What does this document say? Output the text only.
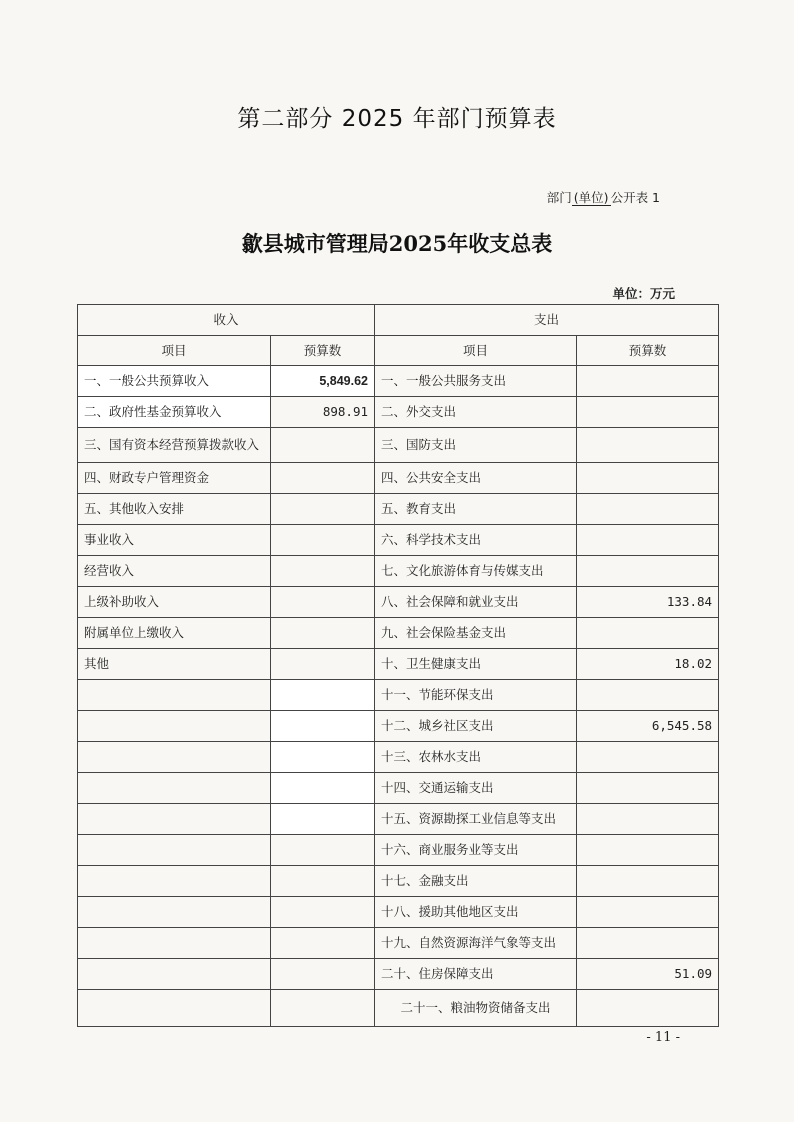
第二部分 2025 年部门预算表
部门 (单位) 公开表 1
歙县城市管理局2025年收支总表
单位：万元
收入		支出	
项目	预算数	项目	预算数
一、一般公共预算收入	5,849.62	一、一般公共服务支出	
二、政府性基金预算收入	898.91	二、外交支出	
三、国有资本经营预算拨款收入		三、国防支出	
四、财政专户管理资金		四、公共安全支出	
五、其他收入安排		五、教育支出	
事业收入		六、科学技术支出	
经营收入		七、文化旅游体育与传媒支出	
上级补助收入		八、社会保障和就业支出	133.84
附属单位上缴收入		九、社会保险基金支出	
其他		十、卫生健康支出	18.02
		十一、节能环保支出	
		十二、城乡社区支出	6,545.58
		十三、农林水支出	
		十四、交通运输支出	
		十五、资源勘探工业信息等支出	
		十六、商业服务业等支出	
		十七、金融支出	
		十八、援助其他地区支出	
		十九、自然资源海洋气象等支出	
		二十、住房保障支出	51.09
		二十一、粮油物资储备支出	
- 11 -
